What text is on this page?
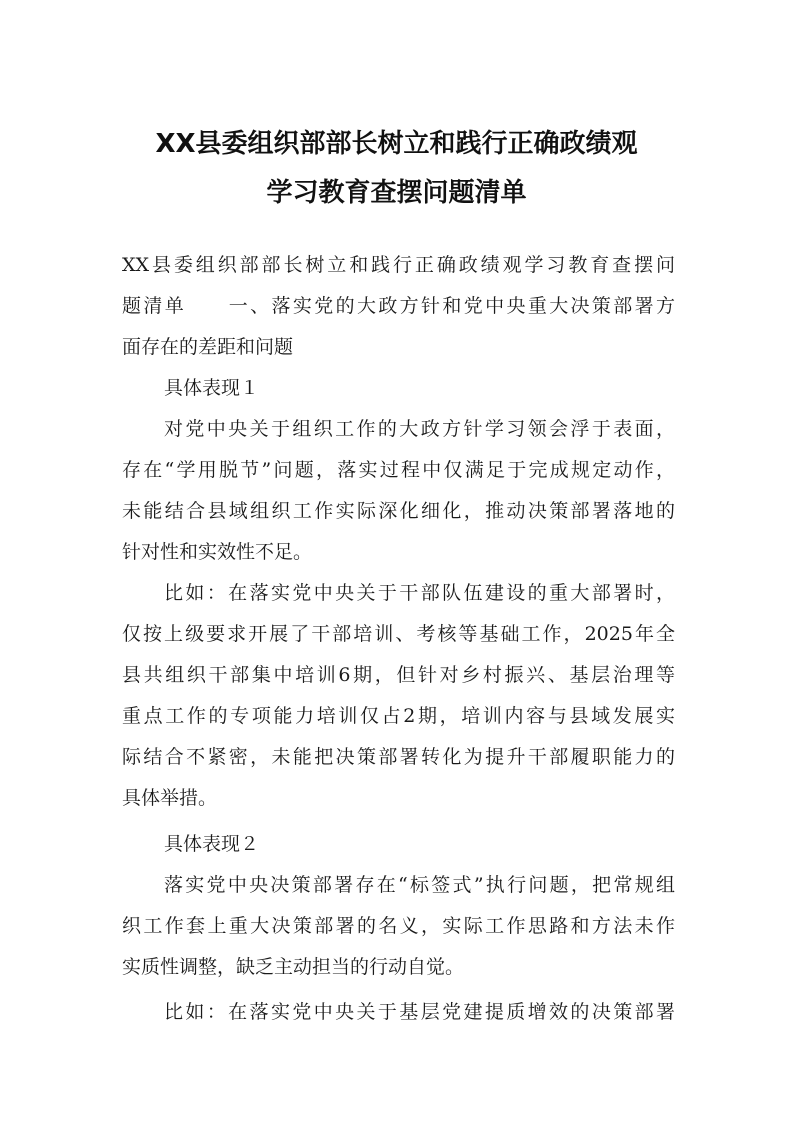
XX县委组织部部长树立和践行正确政绩观
学习教育查摆问题清单
XX县委组织部部长树立和践行正确政绩观学习教育查摆问
题清单　　一、落实党的大政方针和党中央重大决策部署方
面存在的差距和问题
具体表现１
对党中央关于组织工作的大政方针学习领会浮于表面，
存在“学用脱节”问题，落实过程中仅满足于完成规定动作，
未能结合县域组织工作实际深化细化，推动决策部署落地的
针对性和实效性不足。
比如：在落实党中央关于干部队伍建设的重大部署时，
仅按上级要求开展了干部培训、考核等基础工作，2025年全
县共组织干部集中培训6期，但针对乡村振兴、基层治理等
重点工作的专项能力培训仅占2期，培训内容与县域发展实
际结合不紧密，未能把决策部署转化为提升干部履职能力的
具体举措。
具体表现２
落实党中央决策部署存在“标签式”执行问题，把常规组
织工作套上重大决策部署的名义，实际工作思路和方法未作
实质性调整，缺乏主动担当的行动自觉。
比如：在落实党中央关于基层党建提质增效的决策部署
